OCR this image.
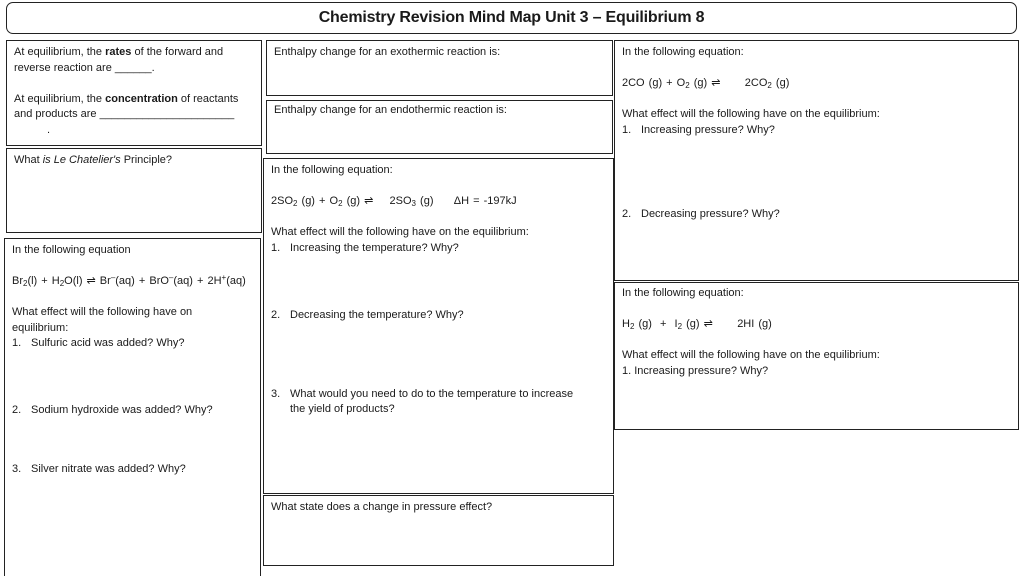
Chemistry Revision Mind Map Unit 3 – Equilibrium 8

At equilibrium, the rates of the forward and

reverse reaction are ______.

At equilibrium, the concentration of reactants

and products are ______________________

.

What is Le Chatelier's Principle?

In the following equation

$Br_2(l) + H_2O(l)$ ⇌ Br–(aq) + BrO–(aq) + 2H+(aq)

What effect will the following have on

equilibrium:

1. Sulfuric acid was added? Why?

2. Sodium hydroxide was added? Why?

3. Silver nitrate was added? Why?

Enthalpy change for an exothermic reaction is:

Enthalpy change for an endothermic reaction is:

In the following equation:

$2SO_2$ $(g) + O_2$ (g) ⇌    $2SO_3$ (g)     ΔH = -197kJ

What effect will the following have on the equilibrium:

1. Increasing the temperature? Why?

2. Decreasing the temperature? Why?

3. What would you need to do to the temperature to increase

the yield of products?

What state does a change in pressure effect?

In the following equation:

2CO $(g) + O_2$ (g) ⇌      $2CO_2$ (g)

What effect will the following have on the equilibrium:

1. Increasing pressure? Why?

2. Decreasing pressure? Why?

In the following equation:

$H_2$ $(g) + I_2$ (g) ⇌      2HI (g)

What effect will the following have on the equilibrium:

1. Increasing pressure? Why?
